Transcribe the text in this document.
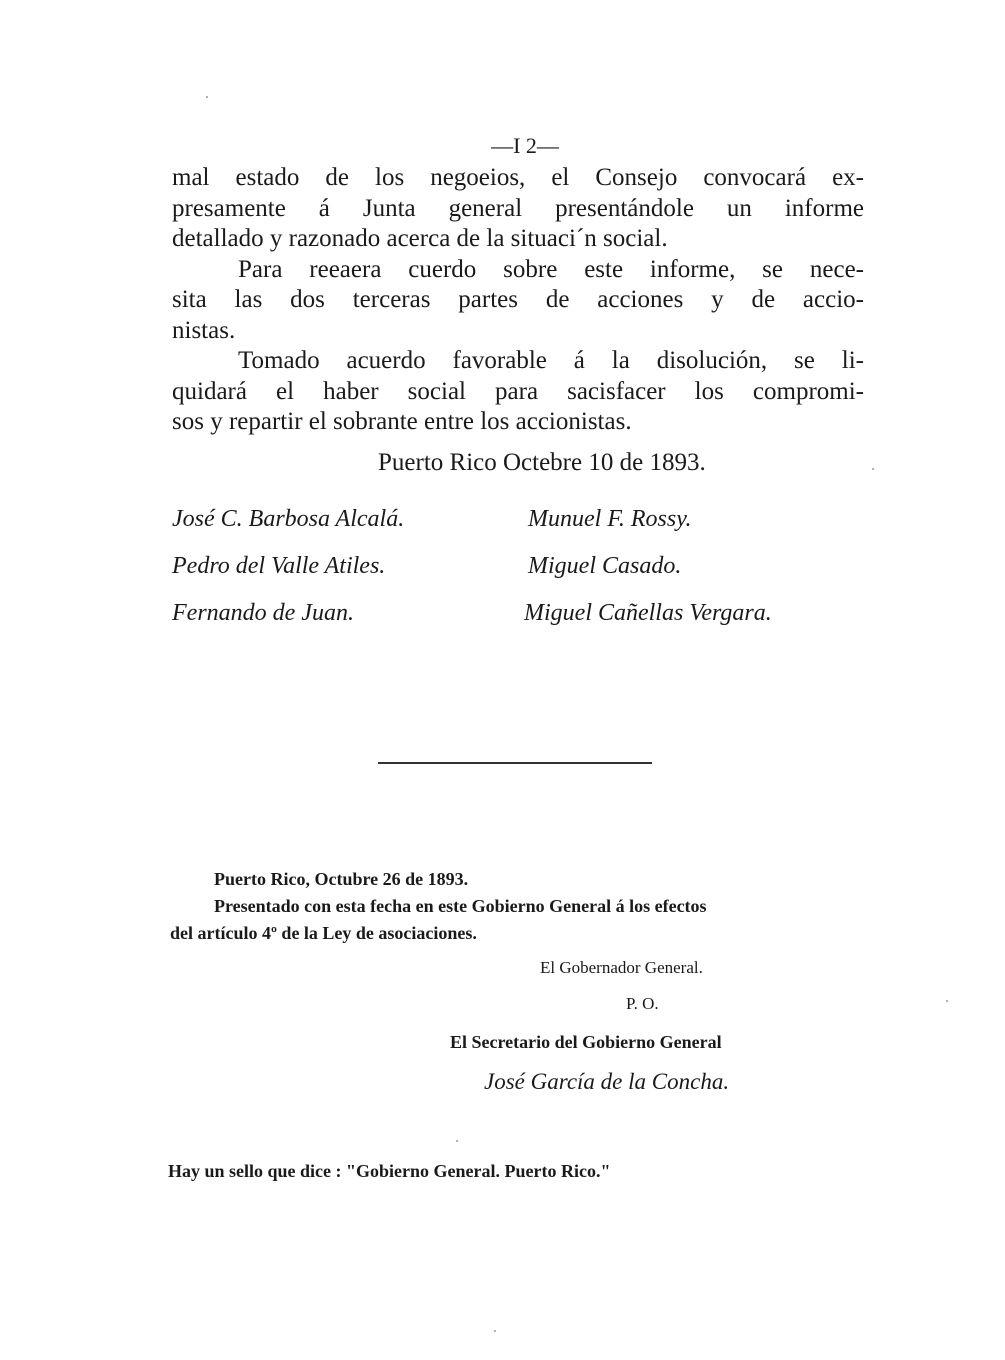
—I 2—

mal estado de los negoeios, el Consejo convocará ex-
presamente á Junta general presentándole un informe
detallado y razonado acerca de la situaci´n social.

Para reeaera cuerdo sobre este informe, se nece-
sita las dos terceras partes de acciones y de accio-
nistas.

Tomado acuerdo favorable á la disolución, se li-
quidará el haber social para sacisfacer los compromi-
sos y repartir el sobrante entre los accionistas.

Puerto Rico Octebre 10 de 1893.
José C. Barbosa Alcalá.
Pedro del Valle Atiles.
Fernando de Juan.
Munuel F. Rossy.
Miguel Casado.
Miguel Cañellas Vergara.
Puerto Rico, Octubre 26 de 1893.
Presentado con esta fecha en este Gobierno General á los efectos
del artículo 4º de la Ley de asociaciones.
El Gobernador General.
P. O.
El Secretario del Gobierno General
José García de la Concha.
Hay un sello que dice : "Gobierno General. Puerto Rico."
